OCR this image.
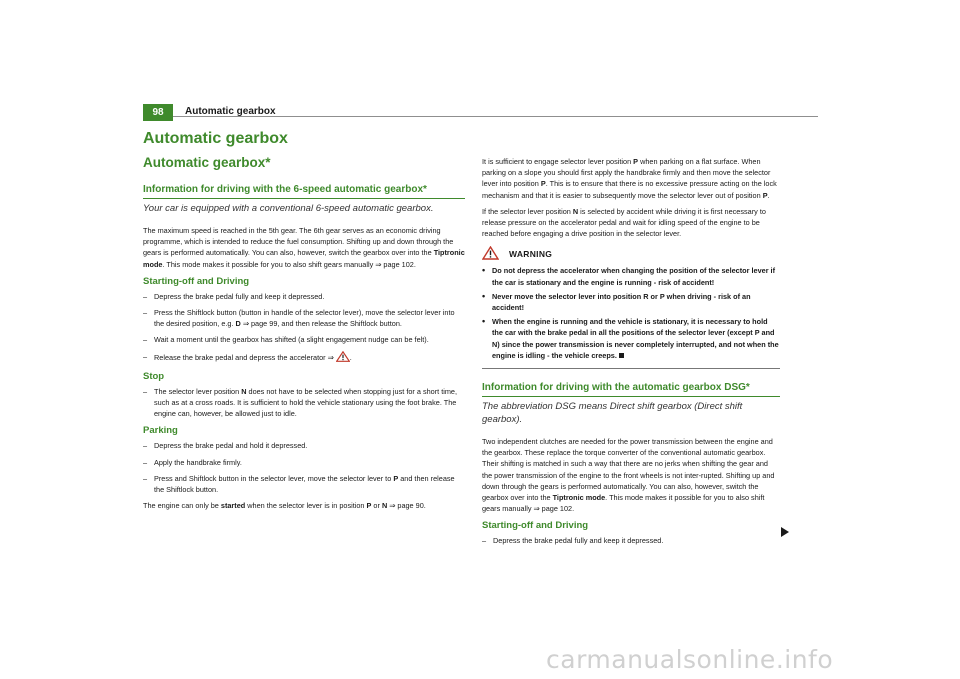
98	Automatic gearbox
Automatic gearbox
Automatic gearbox*
Information for driving with the 6-speed automatic gearbox*
Your car is equipped with a conventional 6-speed automatic gearbox.

The maximum speed is reached in the 5th gear. The 6th gear serves as an economic driving programme, which is intended to reduce the fuel consumption. Shifting up and down through the gears is performed automatically. You can also, however, switch the gearbox over into the Tiptronic mode. This mode makes it possible for you to also shift gears manually ⇒ page 102.

Starting-off and Driving
– Depress the brake pedal fully and keep it depressed.
– Press the Shiftlock button (button in handle of the selector lever), move the selector lever into the desired position, e.g. D ⇒ page 99, and then release the Shiftlock button.
– Wait a moment until the gearbox has shifted (a slight engagement nudge can be felt).
– Release the brake pedal and depress the accelerator ⇒ .
Stop
– The selector lever position N does not have to be selected when stopping just for a short time, such as at a cross roads. It is sufficient to hold the vehicle stationary using the foot brake. The engine can, however, be allowed just to idle.
Parking
– Depress the brake pedal and hold it depressed.
– Apply the handbrake firmly.
– Press and Shiftlock button in the selector lever, move the selector lever to P and then release the Shiftlock button.

The engine can only be started when the selector lever is in position P or N ⇒ page 90.

It is sufficient to engage selector lever position P when parking on a flat surface. When parking on a slope you should first apply the handbrake firmly and then move the selector lever into position P. This is to ensure that there is no excessive pressure acting on the lock mechanism and that it is easier to subsequently move the selector lever out of position P.

If the selector lever position N is selected by accident while driving it is first necessary to release pressure on the accelerator pedal and wait for idling speed of the engine to be reached before engaging a drive position in the selector lever.

WARNING
• Do not depress the accelerator when changing the position of the selector lever if the car is stationary and the engine is running - risk of accident!
• Never move the selector lever into position R or P when driving - risk of an accident!
• When the engine is running and the vehicle is stationary, it is necessary to hold the car with the brake pedal in all the positions of the selector lever (except P and N) since the power transmission is never completely interrupted, and not when the engine is idling - the vehicle creeps.
Information for driving with the automatic gearbox DSG*
The abbreviation DSG means Direct shift gearbox (Direct shift gearbox).

Two independent clutches are needed for the power transmission between the engine and the gearbox. These replace the torque converter of the conventional automatic gearbox. Their shifting is matched in such a way that there are no jerks when shifting the gear and the power transmission of the engine to the front wheels is not inter-rupted. Shifting up and down through the gears is performed automatically. You can also, however, switch the gearbox over into the Tiptronic mode. This mode makes it possible for you to also shift gears manually ⇒ page 102.

Starting-off and Driving
– Depress the brake pedal fully and keep it depressed.
carmanualsonline.info
